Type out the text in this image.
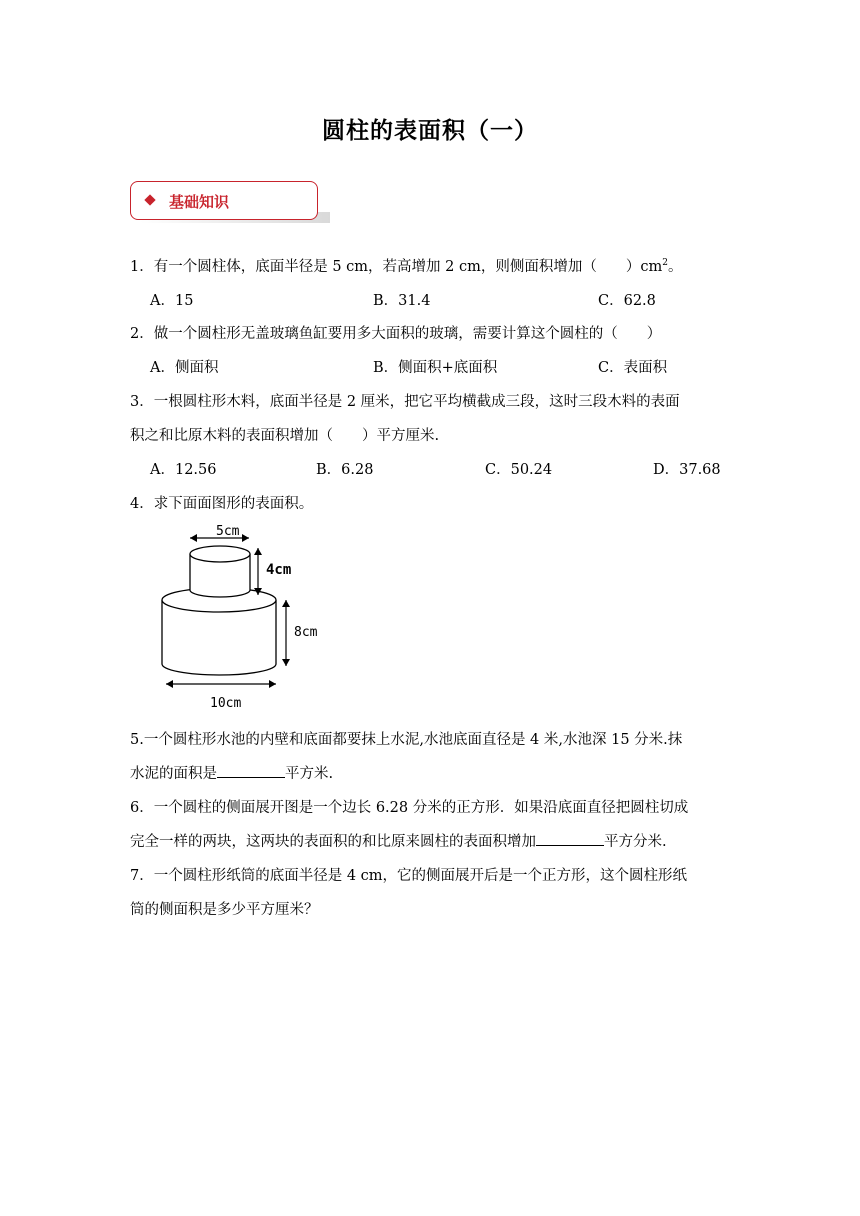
圆柱的表面积（一）
基础知识
1．有一个圆柱体，底面半径是 5 cm，若高增加 2 cm，则侧面积增加（　　）$cm^2$。
A．15	B．31.4	C．62.8
2．做一个圆柱形无盖玻璃鱼缸要用多大面积的玻璃，需要计算这个圆柱的（　　）
A．侧面积	B．侧面积+底面积	C．表面积
3．一根圆柱形木料，底面半径是 2 厘米，把它平均横截成三段，这时三段木料的表面
积之和比原木料的表面积增加（　　）平方厘米.
A．12.56	B．6.28	C．50.24	D．37.68
4．求下面面图形的表面积。
5cm
4cm
8cm
10cm
5.一个圆柱形水池的内壁和底面都要抹上水泥,水池底面直径是 4 米,水池深 15 分米.抹
水泥的面积是	平方米.
6．一个圆柱的侧面展开图是一个边长 6.28 分米的正方形．如果沿底面直径把圆柱切成
完全一样的两块，这两块的表面积的和比原来圆柱的表面积增加	平方分米.
7．一个圆柱形纸筒的底面半径是 4 cm，它的侧面展开后是一个正方形，这个圆柱形纸
筒的侧面积是多少平方厘米？
